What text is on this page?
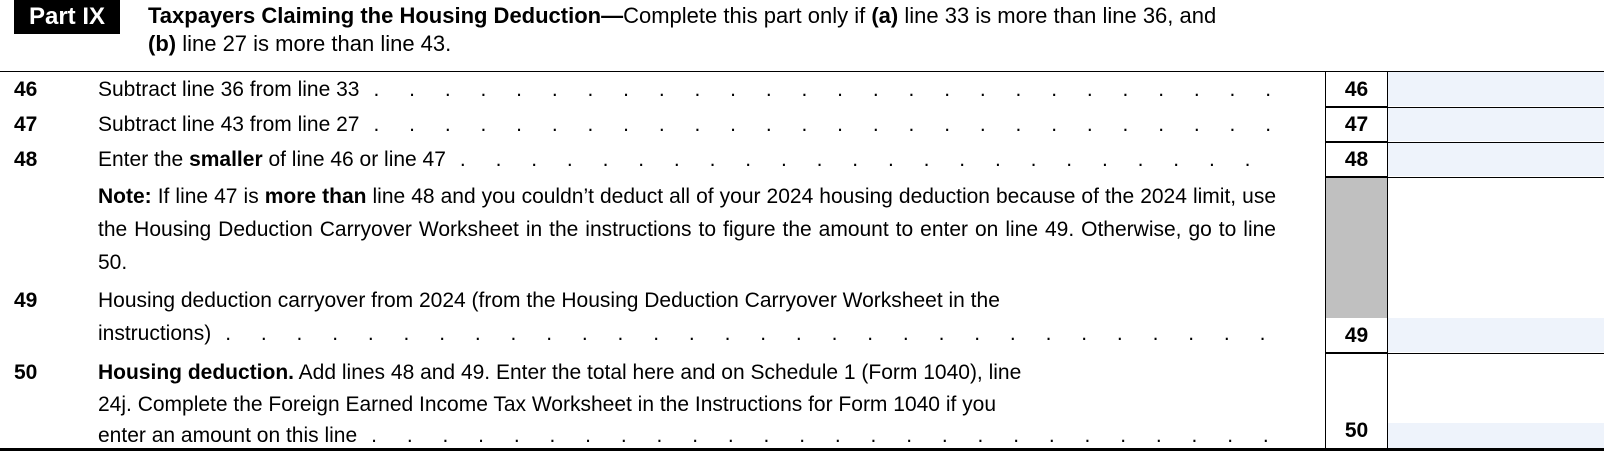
Part IX	Taxpayers Claiming the Housing Deduction—Complete this part only if (a) line 33 is more than line 36, and
(b) line 27 is more than line 43.
46
47
48
49
50
46	Subtract line 36 from line 33
. . .
47	Subtract line 43 from line 27
. . .
48	Enter the smaller of line 46 or line 47
. . .
Note: If line 47 is more than line 48 and you couldn’t deduct all of your 2024 housing deduction because of the 2024 limit, use the Housing Deduction Carryover Worksheet in the instructions to figure the amount to enter on line 49. Otherwise, go to line 50.
49	Housing deduction carryover from 2024 (from the Housing Deduction Carryover Worksheet in the
instructions)
. . .
50	Housing deduction. Add lines 48 and 49. Enter the total here and on Schedule 1 (Form 1040), line
24j. Complete the Foreign Earned Income Tax Worksheet in the Instructions for Form 1040 if you
enter an amount on this line
. . .
